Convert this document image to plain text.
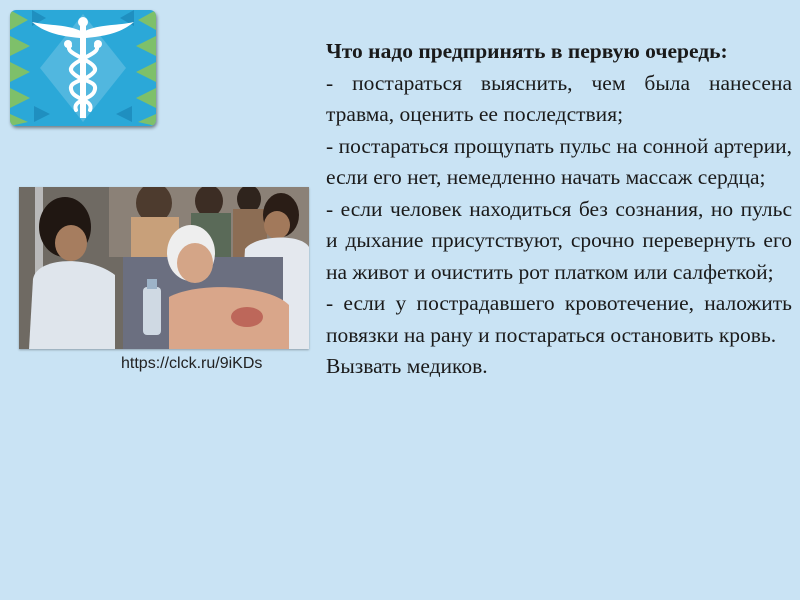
https://clck.ru/9iKDs

Что надо предпринять в первую очередь:

- постараться выяснить, чем была нанесена травма, оценить ее последствия;

- постараться прощупать пульс на сонной артерии, если его нет, немедленно начать массаж сердца;

- если человек находиться без сознания, но пульс и дыхание присутствуют, срочно перевернуть его на живот и очистить рот платком или салфеткой;

- если у пострадавшего кровотечение, наложить повязки на рану и постараться остановить кровь.

Вызвать медиков.
